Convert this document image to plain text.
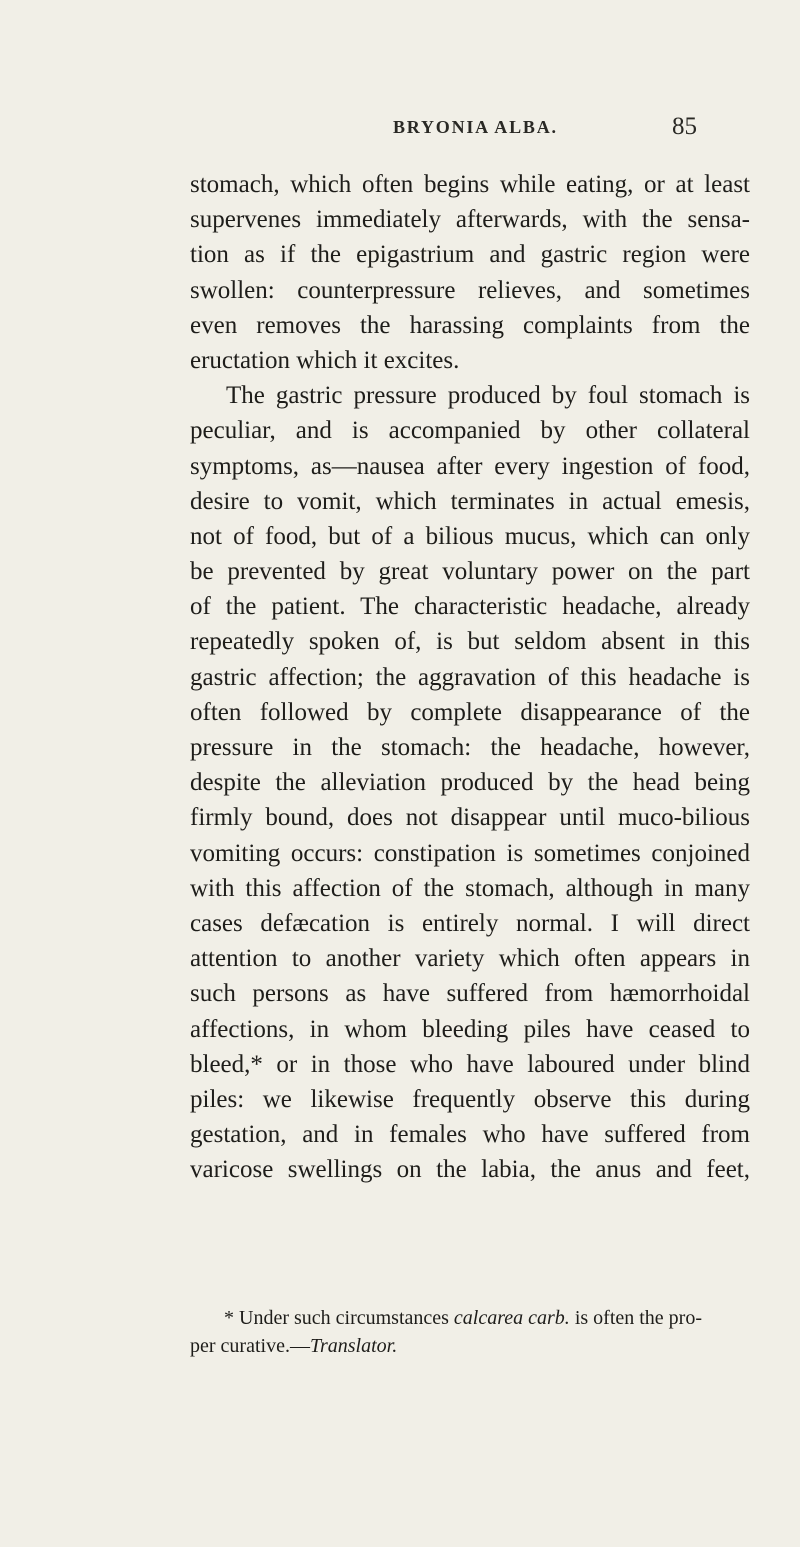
BRYONIA ALBA.	85
stomach, which often begins while eating, or at least
supervenes immediately afterwards, with the sensa-
tion as if the epigastrium and gastric region were
swollen: counterpressure relieves, and sometimes
even removes the harassing complaints from the
eructation which it excites.
The gastric pressure produced by foul stomach is
peculiar, and is accompanied by other collateral
symptoms, as—nausea after every ingestion of food,
desire to vomit, which terminates in actual emesis,
not of food, but of a bilious mucus, which can only
be prevented by great voluntary power on the part
of the patient. The characteristic headache, already
repeatedly spoken of, is but seldom absent in this
gastric affection; the aggravation of this headache is
often followed by complete disappearance of the
pressure in the stomach: the headache, however,
despite the alleviation produced by the head being
firmly bound, does not disappear until muco-bilious
vomiting occurs: constipation is sometimes conjoined
with this affection of the stomach, although in many
cases defæcation is entirely normal. I will direct
attention to another variety which often appears in
such persons as have suffered from hæmorrhoidal
affections, in whom bleeding piles have ceased to
bleed,* or in those who have laboured under blind
piles: we likewise frequently observe this during
gestation, and in females who have suffered from
varicose swellings on the labia, the anus and feet,
* Under such circumstances calcarea carb. is often the pro-
per curative.—Translator.
